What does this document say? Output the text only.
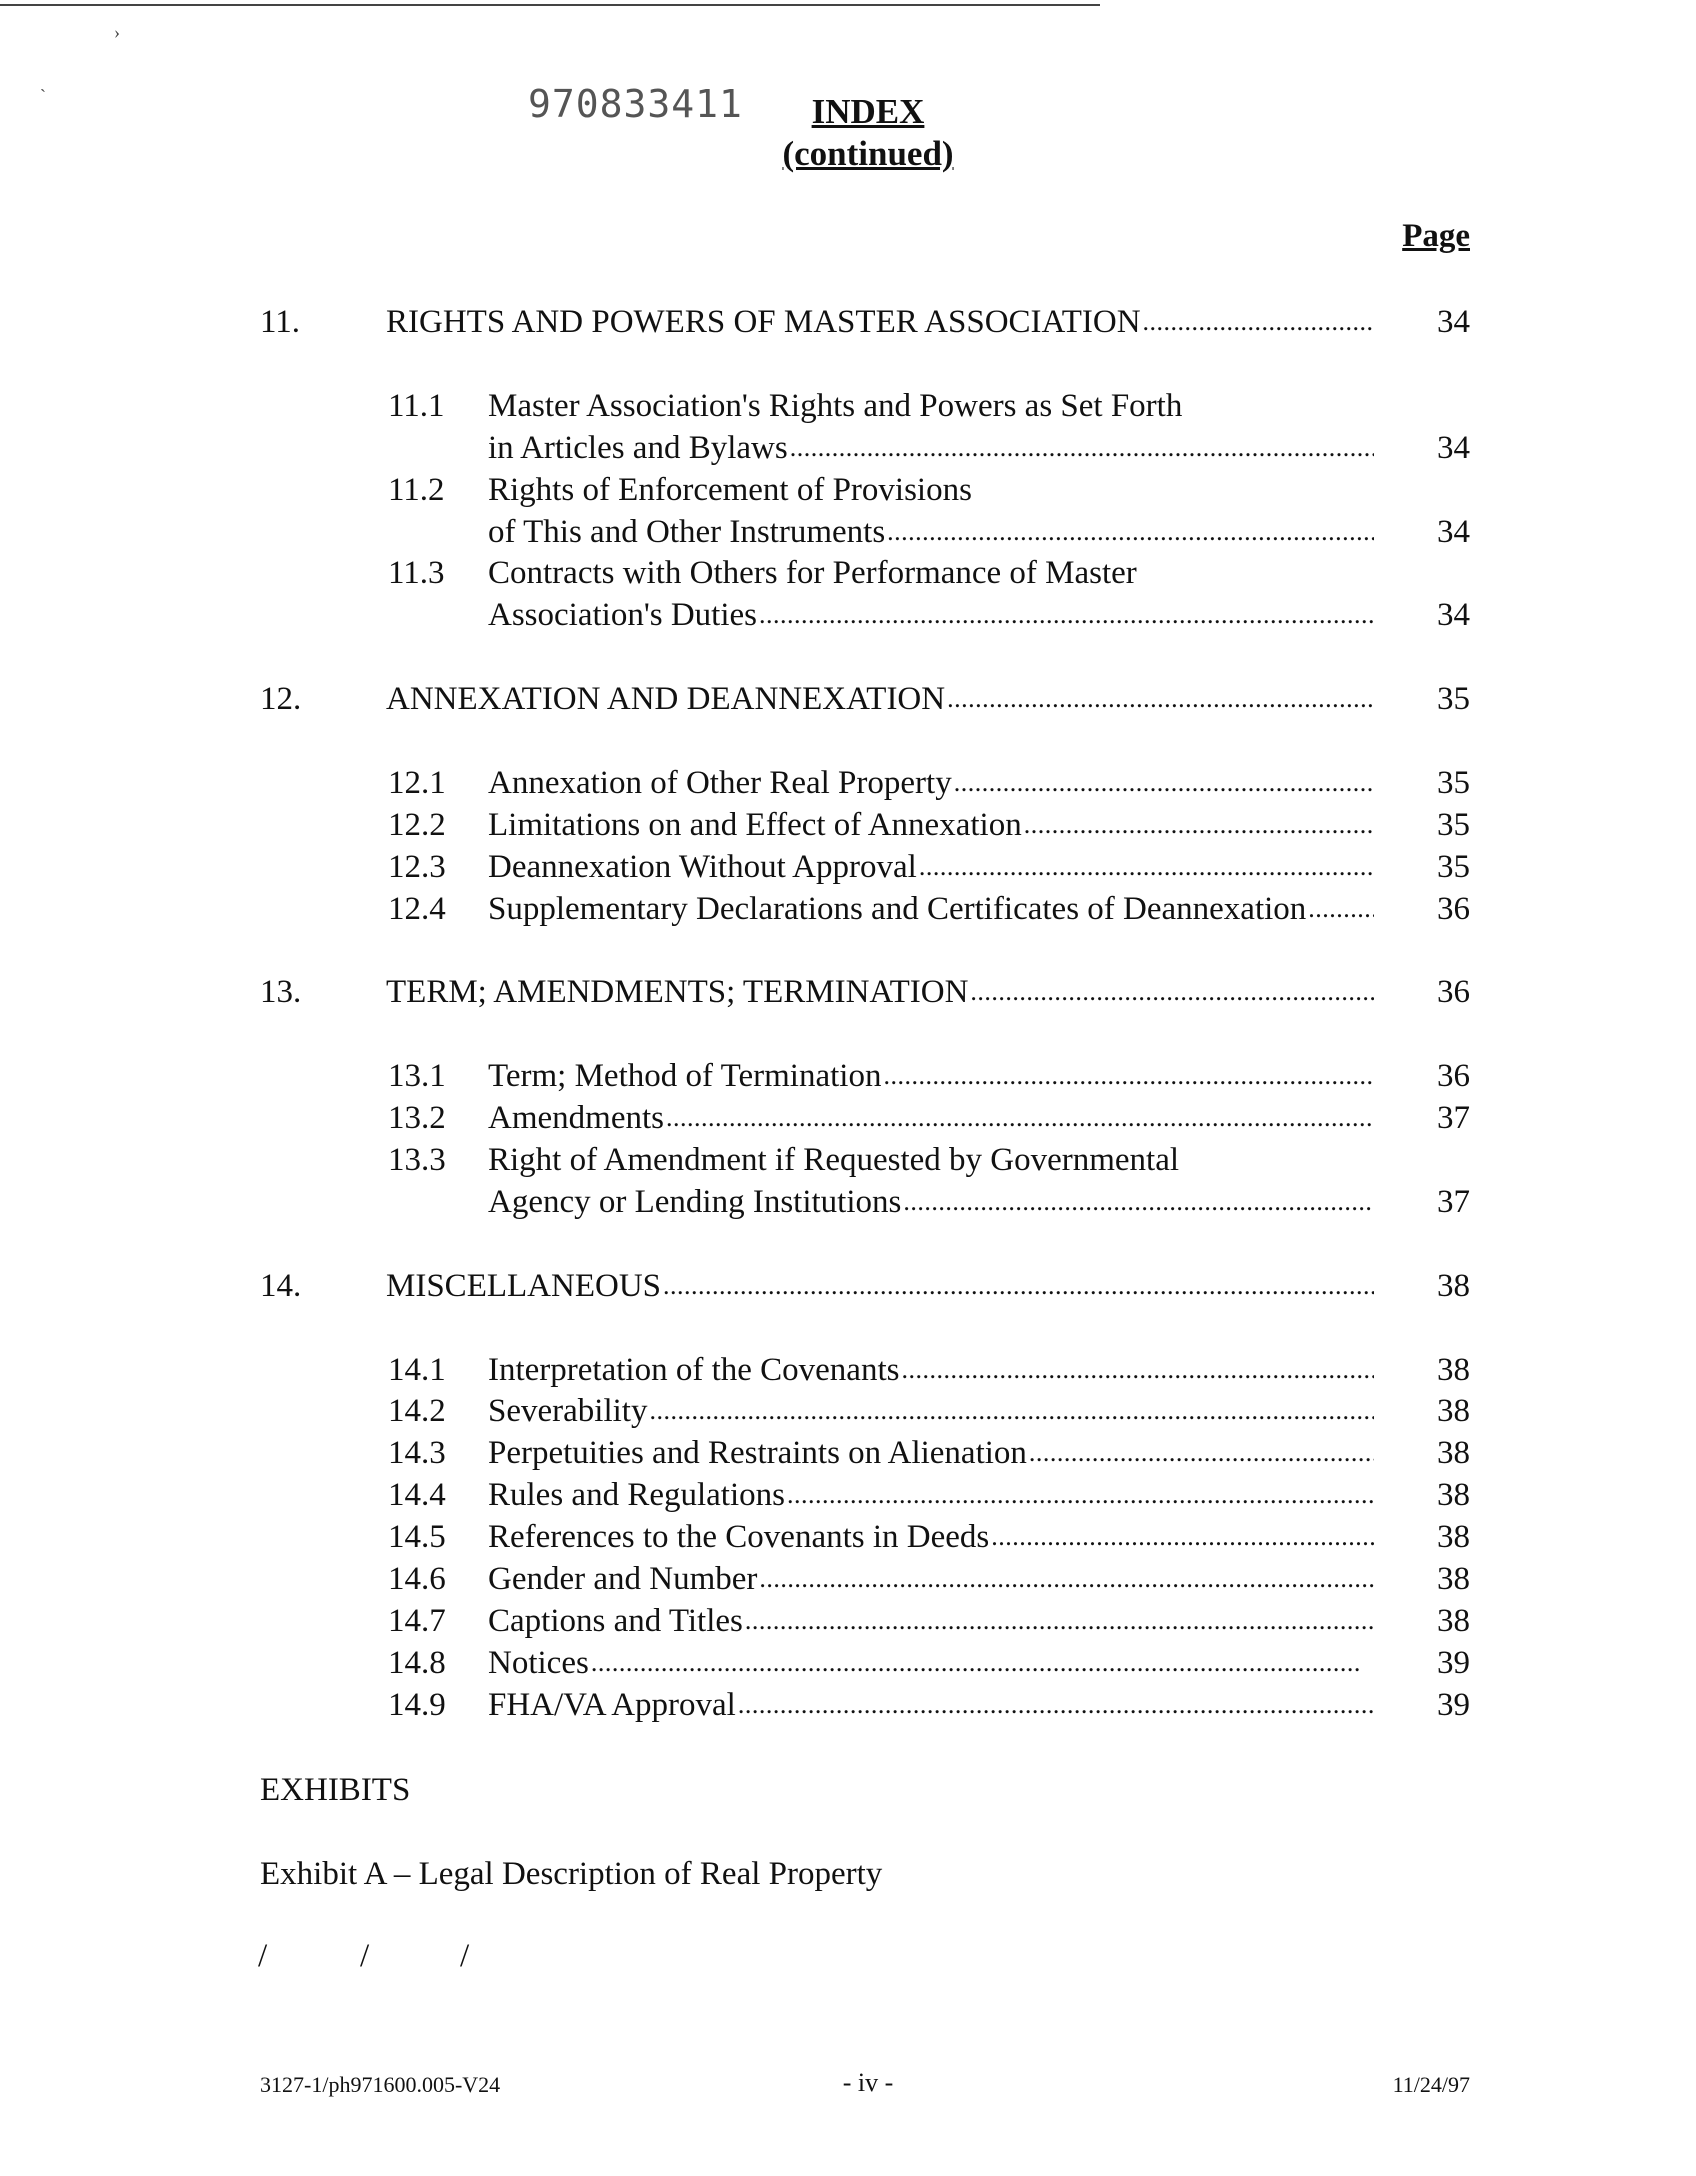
›
`	970833411	INDEX
(continued)
Page
11.	RIGHTS AND POWERS OF MASTER ASSOCIATION . . .	34
11.1 Master Association's Rights and Powers as Set Forth
in Articles and Bylaws . . .	34
11.2 Rights of Enforcement of Provisions
of This and Other Instruments . . .	34
11.3 Contracts with Others for Performance of Master
Association's Duties . . .	34
12.	ANNEXATION AND DEANNEXATION . . .	35
12.1 Annexation of Other Real Property . . .	35
12.2 Limitations on and Effect of Annexation . . .	35
12.3 Deannexation Without Approval . . .	35
12.4 Supplementary Declarations and Certificates of Deannexation . . .	36
13.	TERM; AMENDMENTS; TERMINATION . . .	36
13.1 Term; Method of Termination . . .	36
13.2 Amendments . . .	37
13.3 Right of Amendment if Requested by Governmental
Agency or Lending Institutions . . .	37
14.	MISCELLANEOUS . . .	38
14.1 Interpretation of the Covenants . . .	38
14.2 Severability . . .	38
14.3 Perpetuities and Restraints on Alienation . . .	38
14.4 Rules and Regulations . . .	38
14.5 References to the Covenants in Deeds . . .	38
14.6 Gender and Number . . .	38
14.7 Captions and Titles . . .	38
14.8 Notices . . .	39
14.9 FHA/VA Approval . . .	39
EXHIBITS
Exhibit A – Legal Description of Real Property
/	/	/
3127-1/ph971600.005-V24	- iv -	11/24/97
